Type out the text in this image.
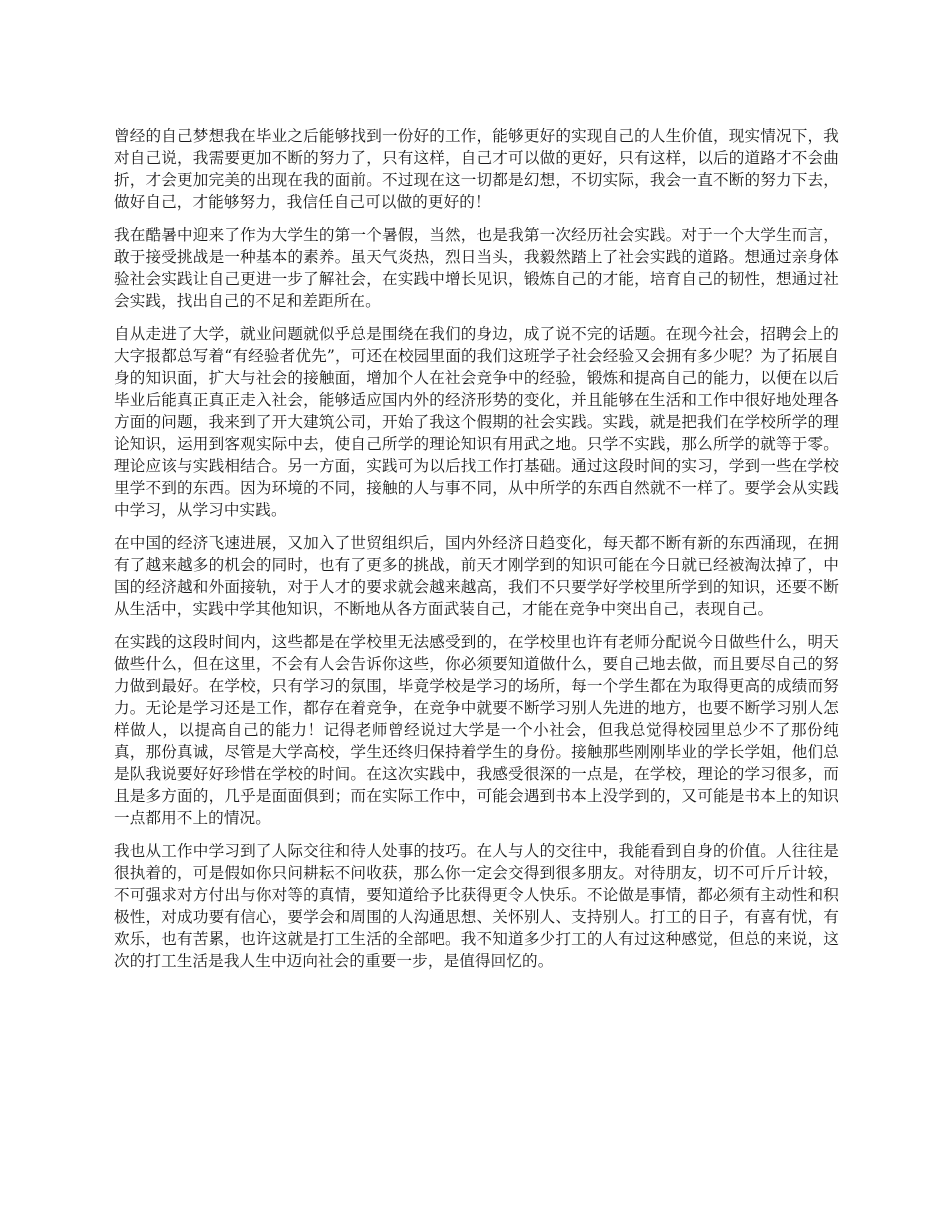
曾经的自己梦想我在毕业之后能够找到一份好的工作，能够更好的实现自己的人生价值，现实情况下，我对自己说，我需要更加不断的努力了，只有这样，自己才可以做的更好，只有这样，以后的道路才不会曲折，才会更加完美的出现在我的面前。不过现在这一切都是幻想，不切实际，我会一直不断的努力下去，做好自己，才能够努力，我信任自己可以做的更好的！

我在酷暑中迎来了作为大学生的第一个暑假，当然，也是我第一次经历社会实践。对于一个大学生而言，敢于接受挑战是一种基本的素养。虽天气炎热，烈日当头，我毅然踏上了社会实践的道路。想通过亲身体验社会实践让自己更进一步了解社会，在实践中增长见识，锻炼自己的才能，培育自己的韧性，想通过社会实践，找出自己的不足和差距所在。

自从走进了大学，就业问题就似乎总是围绕在我们的身边，成了说不完的话题。在现今社会，招聘会上的大字报都总写着“有经验者优先”，可还在校园里面的我们这班学子社会经验又会拥有多少呢？为了拓展自身的知识面，扩大与社会的接触面，增加个人在社会竞争中的经验，锻炼和提高自己的能力，以便在以后毕业后能真正真正走入社会，能够适应国内外的经济形势的变化，并且能够在生活和工作中很好地处理各方面的问题，我来到了开大建筑公司，开始了我这个假期的社会实践。实践，就是把我们在学校所学的理论知识，运用到客观实际中去，使自己所学的理论知识有用武之地。只学不实践，那么所学的就等于零。理论应该与实践相结合。另一方面，实践可为以后找工作打基础。通过这段时间的实习，学到一些在学校里学不到的东西。因为环境的不同，接触的人与事不同，从中所学的东西自然就不一样了。要学会从实践中学习，从学习中实践。

在中国的经济飞速进展，又加入了世贸组织后，国内外经济日趋变化，每天都不断有新的东西涌现，在拥有了越来越多的机会的同时，也有了更多的挑战，前天才刚学到的知识可能在今日就已经被淘汰掉了，中国的经济越和外面接轨，对于人才的要求就会越来越高，我们不只要学好学校里所学到的知识，还要不断从生活中，实践中学其他知识，不断地从各方面武装自己，才能在竞争中突出自己，表现自己。

在实践的这段时间内，这些都是在学校里无法感受到的，在学校里也许有老师分配说今日做些什么，明天做些什么，但在这里，不会有人会告诉你这些，你必须要知道做什么，要自己地去做，而且要尽自己的努力做到最好。在学校，只有学习的氛围，毕竟学校是学习的场所，每一个学生都在为取得更高的成绩而努力。无论是学习还是工作，都存在着竞争，在竞争中就要不断学习别人先进的地方，也要不断学习别人怎样做人，以提高自己的能力！记得老师曾经说过大学是一个小社会，但我总觉得校园里总少不了那份纯真，那份真诚，尽管是大学高校，学生还终归保持着学生的身份。接触那些刚刚毕业的学长学姐，他们总是队我说要好好珍惜在学校的时间。在这次实践中，我感受很深的一点是，在学校，理论的学习很多，而且是多方面的，几乎是面面俱到；而在实际工作中，可能会遇到书本上没学到的，又可能是书本上的知识一点都用不上的情况。

我也从工作中学习到了人际交往和待人处事的技巧。在人与人的交往中，我能看到自身的价值。人往往是很执着的，可是假如你只问耕耘不问收获，那么你一定会交得到很多朋友。对待朋友，切不可斤斤计较，不可强求对方付出与你对等的真情，要知道给予比获得更令人快乐。不论做是事情，都必须有主动性和积极性，对成功要有信心，要学会和周围的人沟通思想、关怀别人、支持别人。打工的日子，有喜有忧，有欢乐，也有苦累，也许这就是打工生活的全部吧。我不知道多少打工的人有过这种感觉，但总的来说，这次的打工生活是我人生中迈向社会的重要一步，是值得回忆的。
